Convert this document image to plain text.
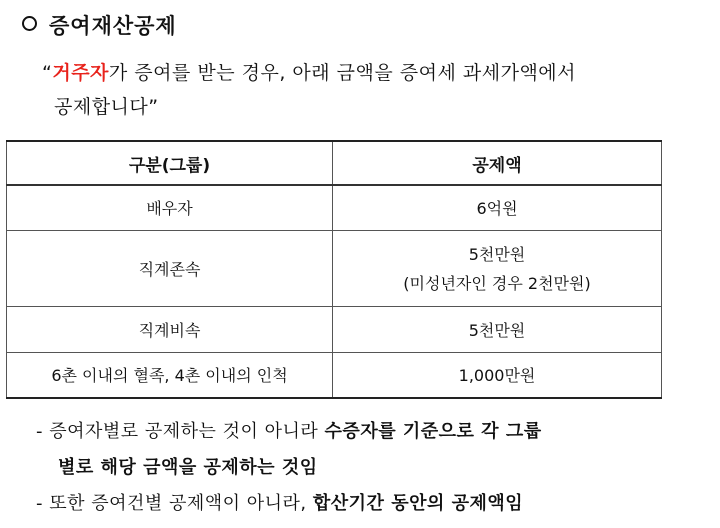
증여재산공제
“거주자가 증여를 받는 경우, 아래 금액을 증여세 과세가액에서
공제합니다”
구분(그룹)	공제액
배우자	6억원
직계존속	5천만원
(미성년자인 경우 2천만원)

직계비속	5천만원
6촌 이내의 혈족, 4촌 이내의 인척	1,000만원
- 증여자별로 공제하는 것이 아니라 수증자를 기준으로 각 그룹
별로 해당 금액을 공제하는 것임
- 또한 증여건별 공제액이 아니라, 합산기간 동안의 공제액임
